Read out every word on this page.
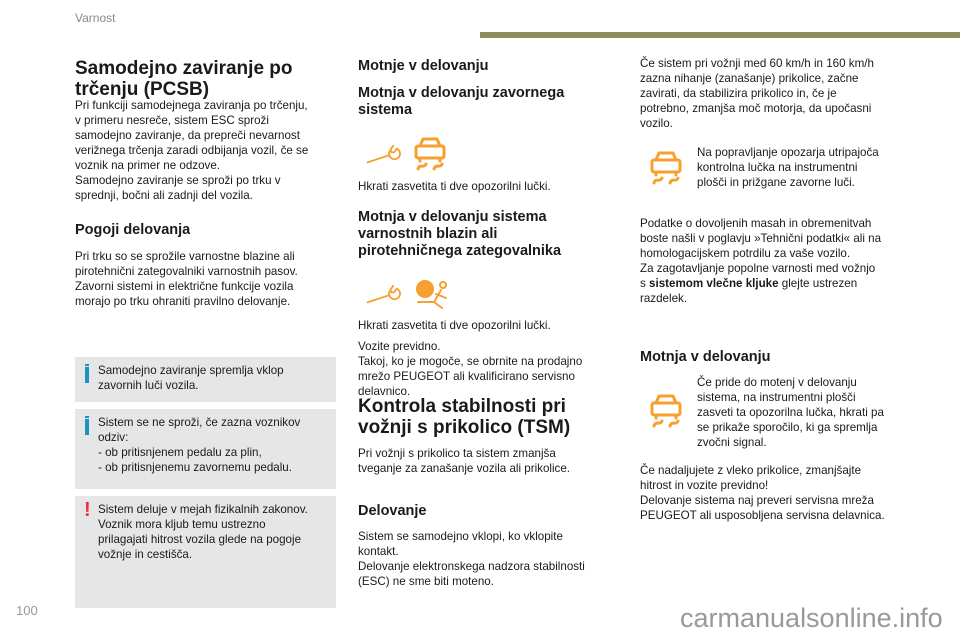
Varnost
Samodejno zaviranje po
trčenju (PCSB)
Pri funkciji samodejnega zaviranja po trčenju,
v primeru nesreče, sistem ESC sproži
samodejno zaviranje, da prepreči nevarnost
verižnega trčenja zaradi odbijanja vozil, če se
voznik na primer ne odzove.
Samodejno zaviranje se sproži po trku v
sprednji, bočni ali zadnji del vozila.
Pogoji delovanja
Pri trku so se sprožile varnostne blazine ali
pirotehnični zategovalniki varnostnih pasov.
Zavorni sistemi in električne funkcije vozila
morajo po trku ohraniti pravilno delovanje.
Samodejno zaviranje spremlja vklop
zavornih luči vozila.
Sistem se ne sproži, če zazna voznikov
odziv:
- ob pritisnjenem pedalu za plin,
- ob pritisnjenemu zavornemu pedalu.
! Sistem deluje v mejah fizikalnih zakonov.
Voznik mora kljub temu ustrezno
prilagajati hitrost vozila glede na pogoje
vožnje in cestišča.
Motnje v delovanju
Motnja v delovanju zavornega
sistema
Hkrati zasvetita ti dve opozorilni lučki.
Motnja v delovanju sistema
varnostnih blazin ali
pirotehničnega zategovalnika
Hkrati zasvetita ti dve opozorilni lučki.
Vozite previdno.
Takoj, ko je mogoče, se obrnite na prodajno
mrežo PEUGEOT ali kvalificirano servisno
delavnico.
Kontrola stabilnosti pri
vožnji s prikolico (TSM)
Pri vožnji s prikolico ta sistem zmanjša
tveganje za zanašanje vozila ali prikolice.
Delovanje
Sistem se samodejno vklopi, ko vklopite
kontakt.
Delovanje elektronskega nadzora stabilnosti
(ESC) ne sme biti moteno.
Če sistem pri vožnji med 60 km/h in 160 km/h
zazna nihanje (zanašanje) prikolice, začne
zavirati, da stabilizira prikolico in, če je
potrebno, zmanjša moč motorja, da upočasni
vozilo.
Na popravljanje opozarja utripajoča
kontrolna lučka na instrumentni
plošči in prižgane zavorne luči.
Podatke o dovoljenih masah in obremenitvah
boste našli v poglavju »Tehnični podatki« ali na
homologacijskem potrdilu za vaše vozilo.
Za zagotavljanje popolne varnosti med vožnjo
s sistemom vlečne kljuke glejte ustrezen
razdelek.
Motnja v delovanju
Če pride do motenj v delovanju
sistema, na instrumentni plošči
zasveti ta opozorilna lučka, hkrati pa
se prikaže sporočilo, ki ga spremlja
zvočni signal.
Če nadaljujete z vleko prikolice, zmanjšajte
hitrost in vozite previdno!
Delovanje sistema naj preveri servisna mreža
PEUGEOT ali usposobljena servisna delavnica.
100	carmanualsonline.info
